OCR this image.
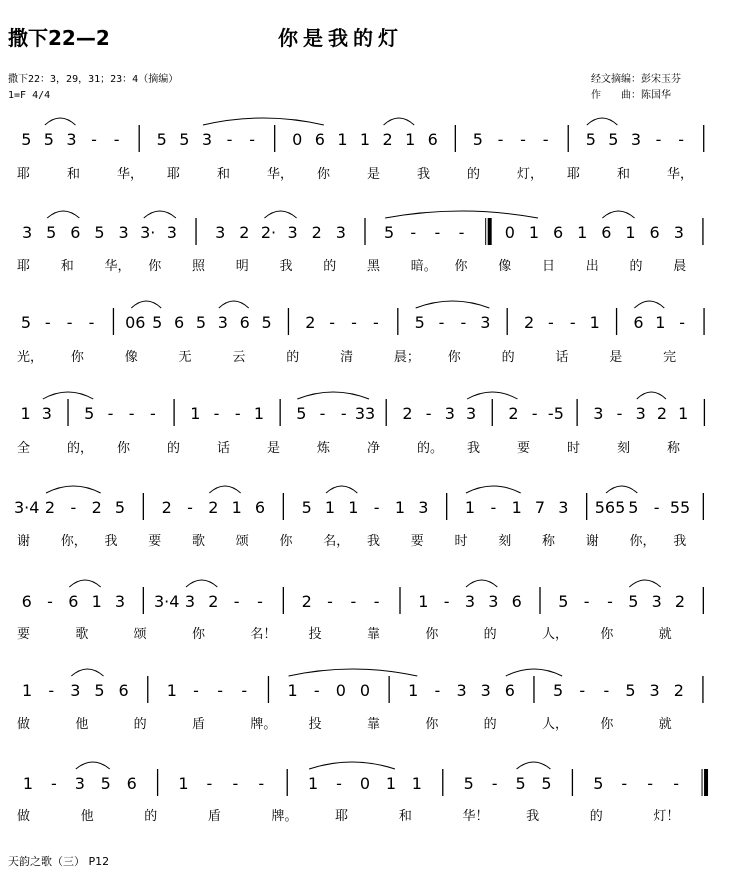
撒下22—2	你是我的灯
撒下22：3，29，31；23：4（摘编）
1=F 4/4
经文摘编：彭宋玉芬
作　　曲：陈国华
5 5 3 - - 5 5 3 - - 0 6 1 1 2 1 6 5 - - - 5 5 3 - -
耶	和	华， 耶	和	华， 你	是	我	的	灯， 耶	和	华，
3 5 6 5 3 3· 3 3 2 2· 3 2 3 5 - - -	0 1 6 1 6 1 6 3
耶 和 华， 你 照 明 我 的 黑 暗。 你 像 日 出 的 晨
5 - - - 06 5 6 5 3 6 5 2 - - - 5 - - 3 2 - - 1 6 1 -
光， 你	像	无	云	的	清	晨； 你	的	话	是	完
1 3 5 - - - 1 - - 1 5 - - 33 2 - 3 3 2 - -5 3 - 3 2 1
全	的， 你	的	话	是	炼	净	的。 我	要	时	刻	称
3·4 2 - 2 5 2 - 2 1 6 5 1 1 - 1 3 1 - 1 7 3 565 5 - 55
谢 你， 我 要 歌 颂 你 名， 我 要 时 刻 称 谢 你， 我
6 - 6 1 3 3·4 3 2 - - 2 - - - 1 - 3 3 6 5 - - 5 3 2
要	歌	颂	你	名！ 投	靠	你	的	人， 你	就
1 - 3 5 6 1 - - -	1 - 0 0 1 - 3 3 6 5 - - 5 3 2
做	他	的	盾	牌。 投	靠	你	的	人， 你	就
1 - 3 5 6	1 - - -	1 - 0 1 1	5 - 5 5	5 - - -
做	他	的	盾	牌。	耶	和	华！	我	的	灯！
天韵之歌（三） P12
